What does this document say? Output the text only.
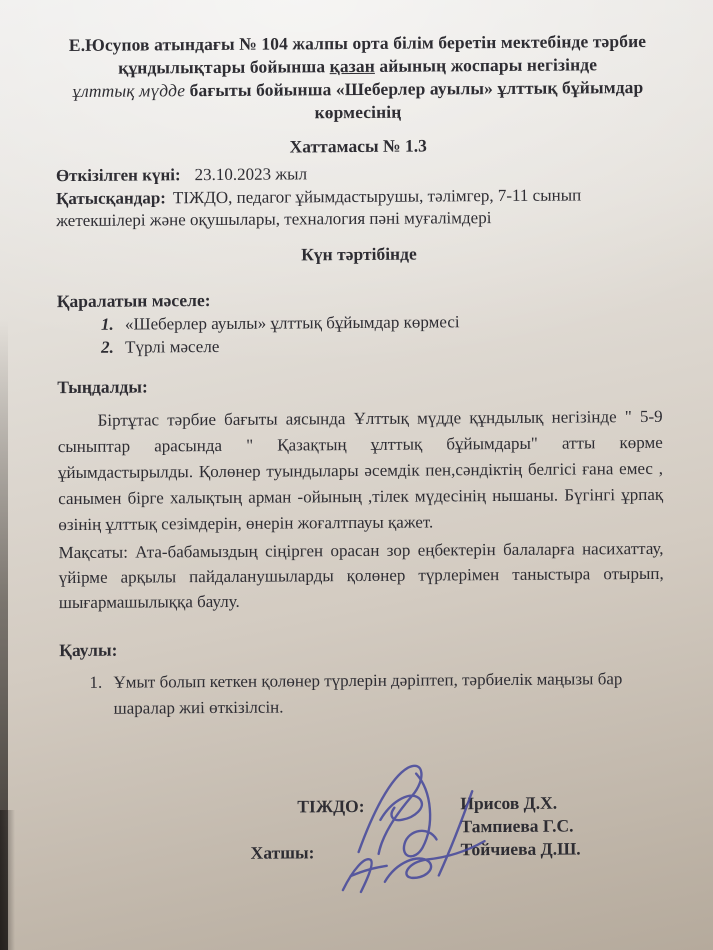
Е.Юсупов атындағы № 104 жалпы орта білім беретін мектебінде тәрбие
құндылықтары бойынша қазан айының жоспары негізінде
ұлттық мүдде бағыты бойынша «Шеберлер ауылы» ұлттық бұйымдар
көрмесінің
Хаттамасы № 1.3

Өткізілген күні: 23.10.2023 жыл

Қатысқандар: ТІЖДО, педагог ұйымдастырушы, тәлімгер, 7-11 сынып жетекшілері және оқушылары, техналогия пәні муғалімдері

Күн тәртібінде

Қаралатын мәселе:

1. «Шеберлер ауылы» ұлттық бұйымдар көрмесі
2. Түрлі мәселе

Тыңдалды:

Біртұтас тәрбие бағыты аясында Ұлттық мүдде құндылық негізінде " 5-9 сыныптар арасында " Қазақтың ұлттық бұйымдары" атты көрме ұйымдастырылды. Қолөнер туындылары әсемдік пен,сәндіктің белгісі ғана емес , санымен бірге халықтың арман -ойының ,тілек мүдесінің нышаны. Бүгінгі ұрпақ өзінің ұлттық сезімдерін, өнерін жоғалтпауы қажет.

Мақсаты: Ата-бабамыздың сіңірген орасан зор еңбектерін балаларға насихаттау, үйірме арқылы пайдаланушыларды қолөнер түрлерімен таныстыра отырып, шығармашылыққа баулу.

Қаулы:

1. Ұмыт болып кеткен қолөнер түрлерін дәріптеп, тәрбиелік маңызы бар шаралар жиі өткізілсін.
ТІЖДО:
Хатшы:
Ирисов Д.Х.
Тампиева Г.С.
Тойчиева Д.Ш.
